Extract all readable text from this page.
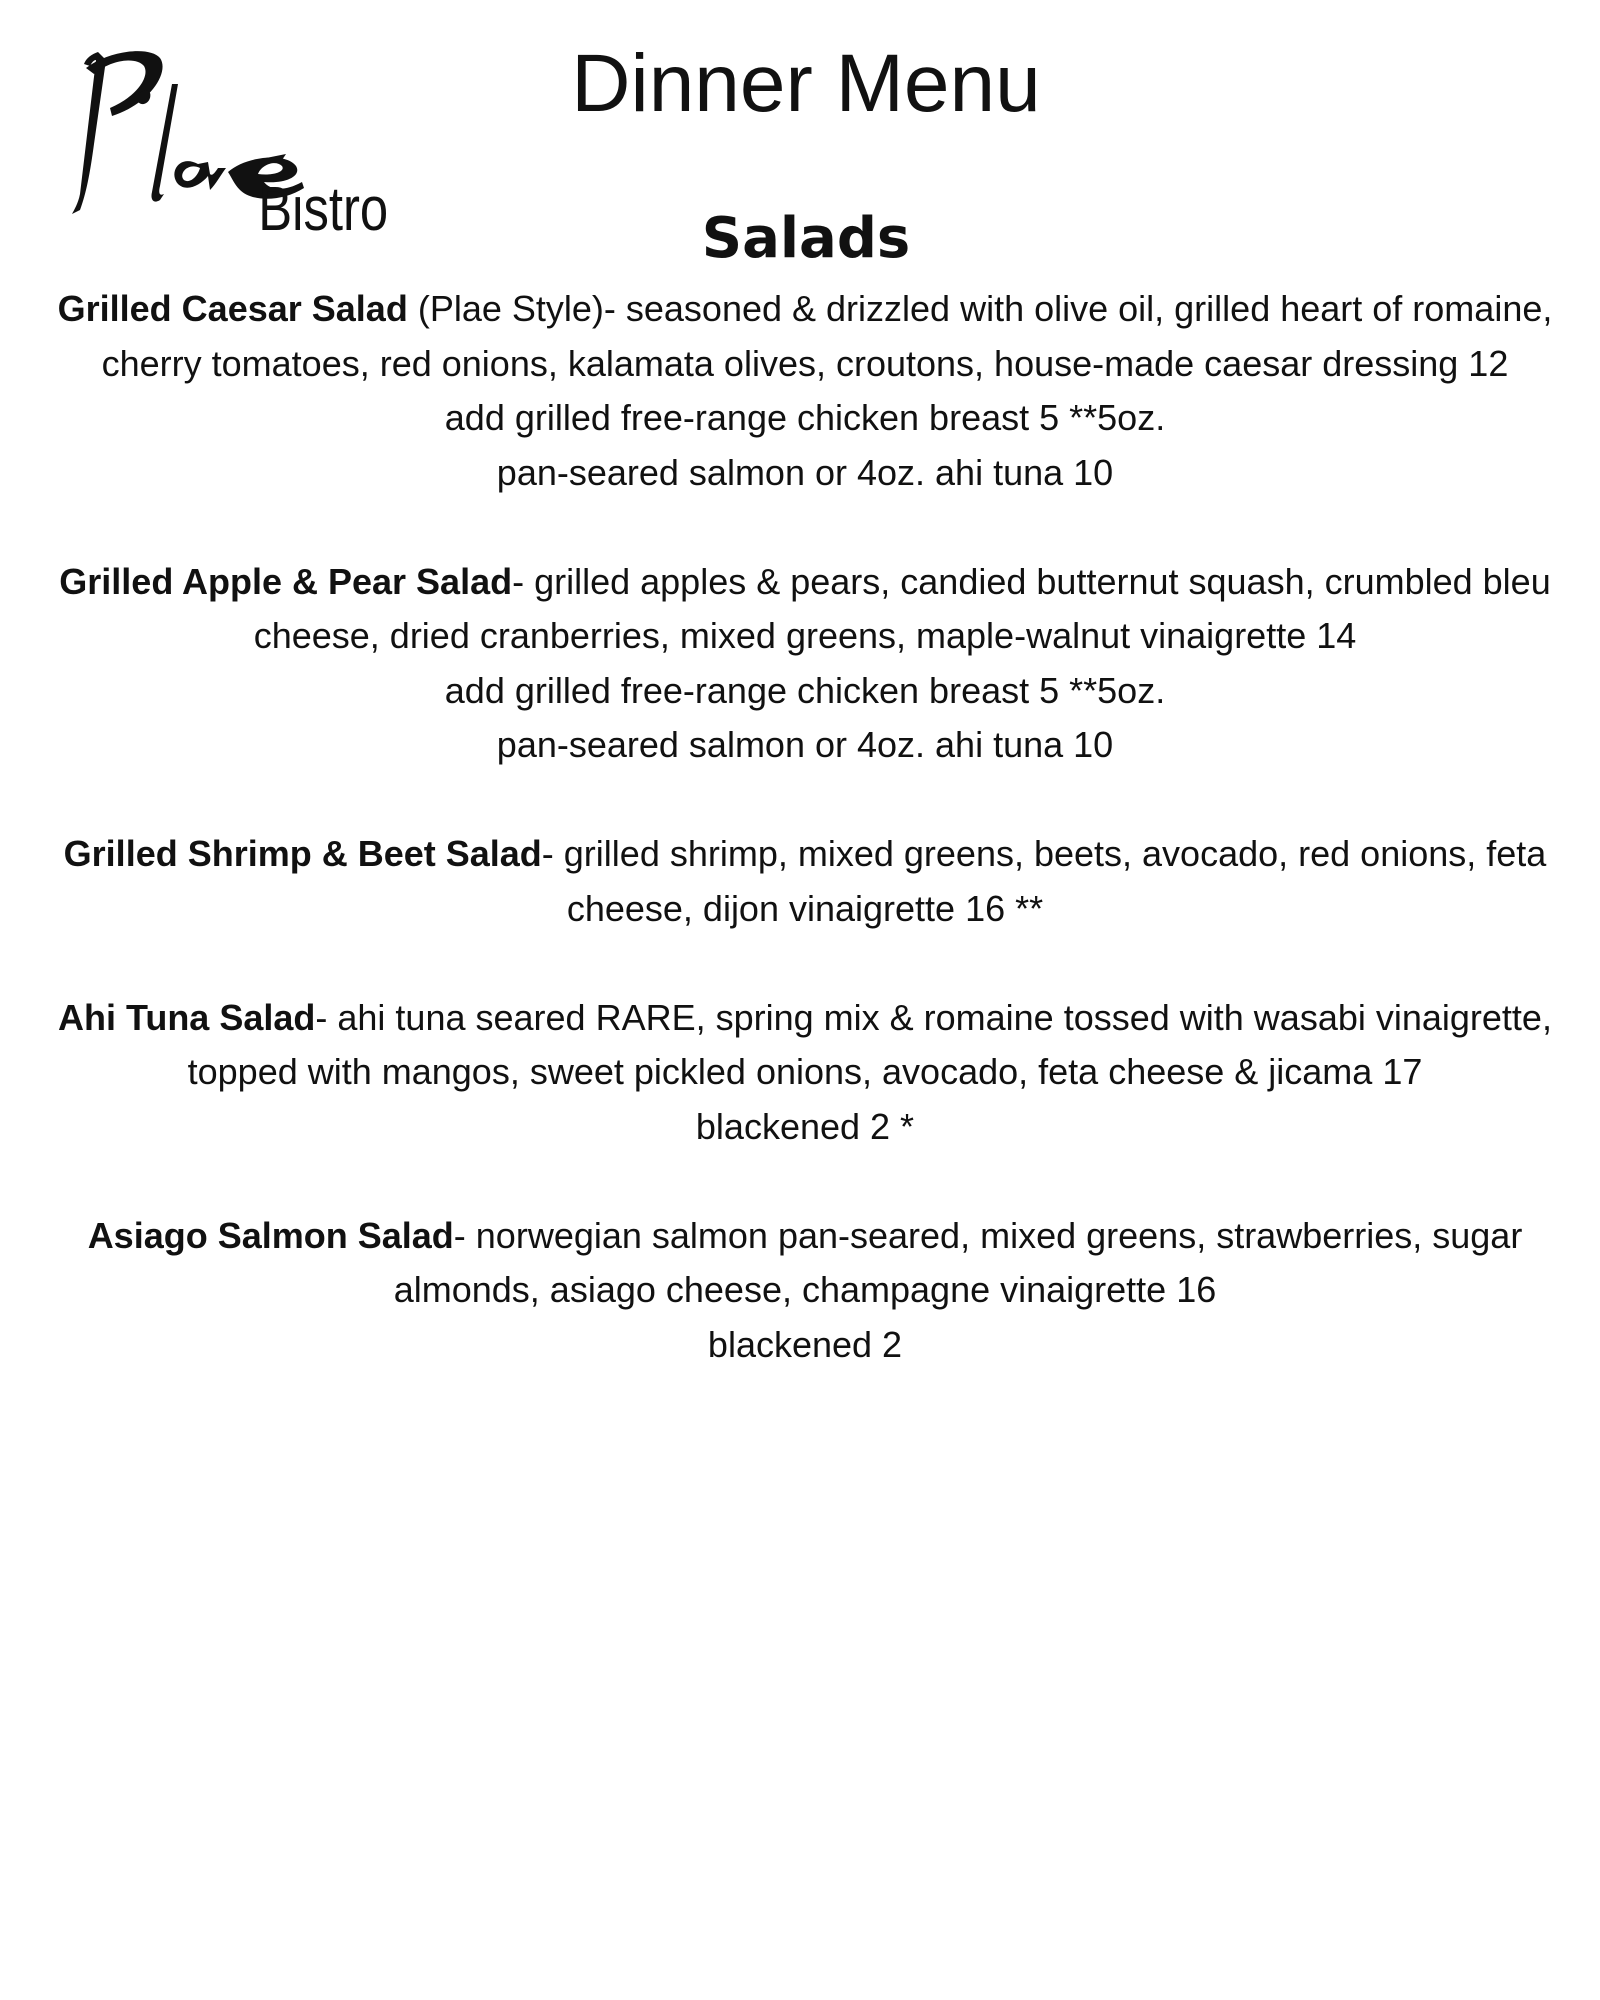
Bistro
Dinner Menu
Salads
Grilled Caesar Salad (Plae Style)- seasoned & drizzled with olive oil, grilled heart of romaine, cherry tomatoes, red onions, kalamata olives, croutons, house-made caesar dressing 12
add grilled free-range chicken breast 5 **5oz.
pan-seared salmon or 4oz. ahi tuna 10
Grilled Apple & Pear Salad- grilled apples & pears, candied butternut squash, crumbled bleu cheese, dried cranberries, mixed greens, maple-walnut vinaigrette 14
add grilled free-range chicken breast 5 **5oz.
pan-seared salmon or 4oz. ahi tuna 10
Grilled Shrimp & Beet Salad- grilled shrimp, mixed greens, beets, avocado, red onions, feta cheese, dijon vinaigrette 16 **
Ahi Tuna Salad- ahi tuna seared RARE, spring mix & romaine tossed with wasabi vinaigrette, topped with mangos, sweet pickled onions, avocado, feta cheese & jicama 17
blackened 2 *
Asiago Salmon Salad- norwegian salmon pan-seared, mixed greens, strawberries, sugar almonds, asiago cheese, champagne vinaigrette 16
blackened 2
